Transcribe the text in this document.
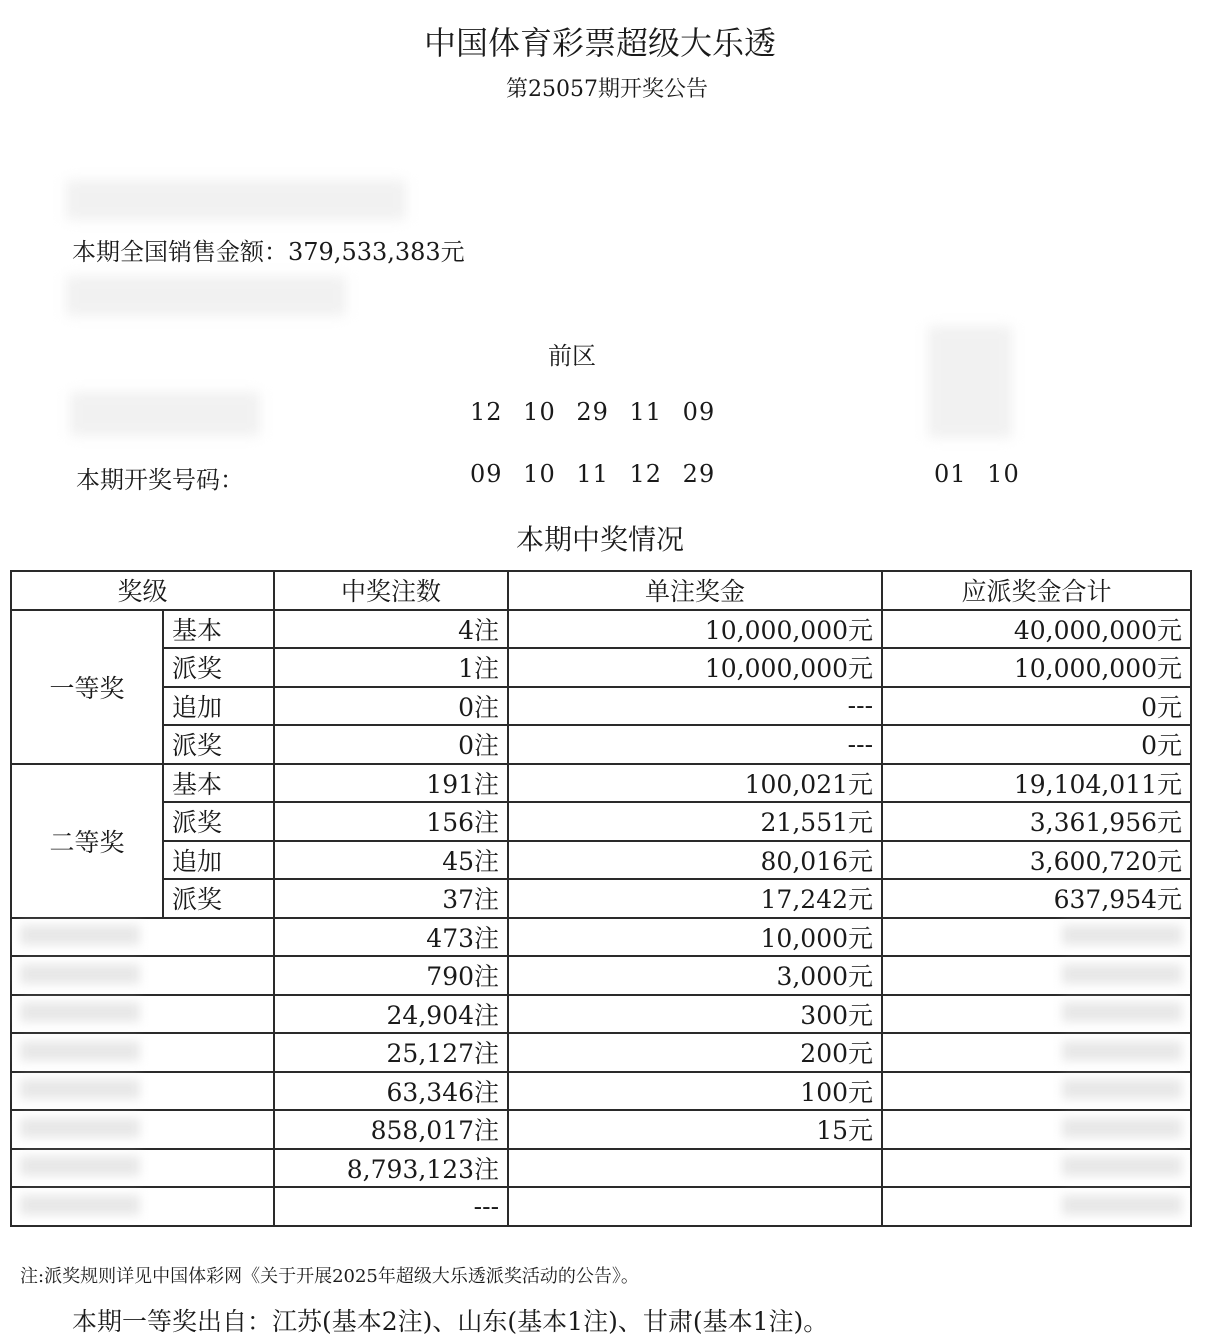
中国体育彩票超级大乐透
第25057期开奖公告
本期全国销售金额：379,533,383元
前区
12 10 29 11 09
本期开奖号码：	09 10 11 12 29	01 10
本期中奖情况
奖级		中奖注数	单注奖金	应派奖金合计
一等奖	基本	4注	10,000,000元	40,000,000元
	派奖	1注	10,000,000元	10,000,000元
	追加	0注	---	0元
	派奖	0注	---	0元
二等奖	基本	191注	100,021元	19,104,011元
	派奖	156注	21,551元	3,361,956元
	追加	45注	80,016元	3,600,720元
	派奖	37注	17,242元	637,954元
		473注	10,000元	
		790注	3,000元	
		24,904注	300元	
		25,127注	200元	
		63,346注	100元	
		858,017注	15元	
		8,793,123注		
		---		
注:派奖规则详见中国体彩网《关于开展2025年超级大乐透派奖活动的公告》。
本期一等奖出自：江苏(基本2注)、山东(基本1注)、甘肃(基本1注)。
